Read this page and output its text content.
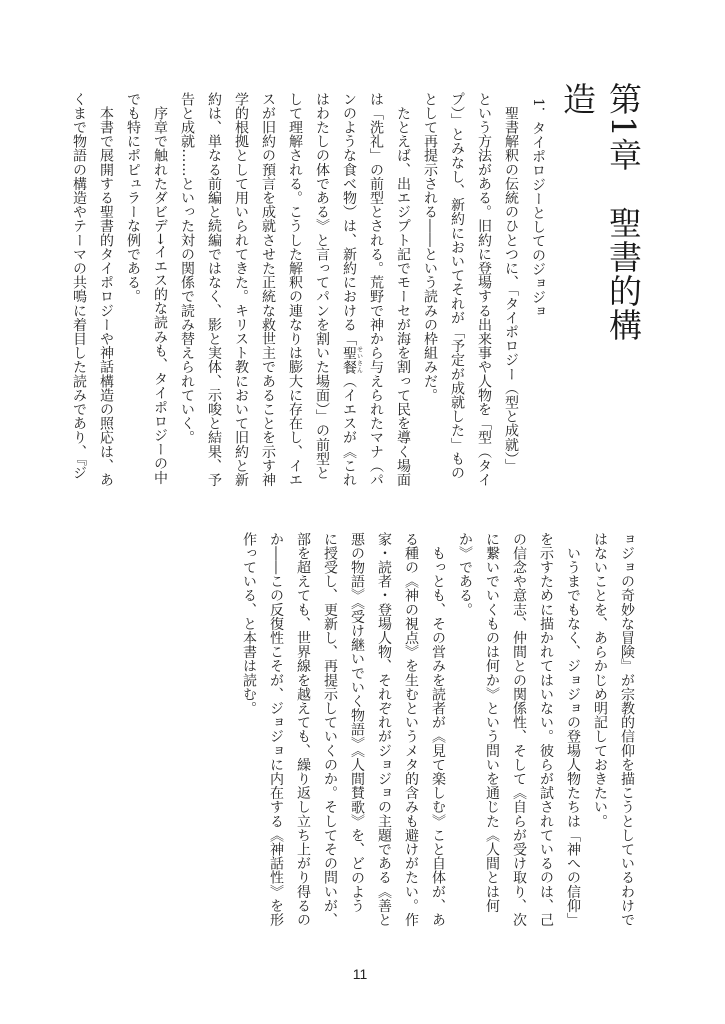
第1章　聖書的構造
1．タイポロジーとしてのジョジョ
　聖書解釈の伝統のひとつに、「タイポロジー（型と成就）」
という方法がある。旧約に登場する出来事や人物を「型（タイ
プ）」とみなし、新約においてそれが「予定が成就した」もの
として再提示される――という読みの枠組みだ。
　たとえば、出エジプト記でモーセが海を割って民を導く場面
は「洗礼」の前型とされる。荒野で神から与えられたマナ（パ
ンのような食べ物）は、新約における「聖餐せいさん（イエスが《これ
はわたしの体である》と言ってパンを割いた場面）」の前型と
して理解される。こうした解釈の連なりは膨大に存在し、イエ
スが旧約の預言を成就させた正統な救世主であることを示す神
学的根拠として用いられてきた。キリスト教において旧約と新
約は、単なる前編と続編ではなく、影と実体、示唆と結果、予
告と成就……といった対の関係で読み替えられていく。
　序章で触れたダビデ→イエス的な読みも、タイポロジーの中
でも特にポピュラーな例である。
　本書で展開する聖書的タイポロジーや神話構造の照応は、あ
くまで物語の構造やテーマの共鳴に着目した読みであり、『ジ
ョジョの奇妙な冒険』が宗教的信仰を描こうとしているわけで
はないことを、あらかじめ明記しておきたい。
　いうまでもなく、ジョジョの登場人物たちは「神への信仰」
を示すために描かれてはいない。彼らが試されているのは、己
の信念や意志、仲間との関係性、そして《自らが受け取り、次
に繋いでいくものは何か》という問いを通じた《人間とは何
か》である。
　もっとも、その営みを読者が《見て楽しむ》こと自体が、あ
る種の《神の視点》を生むというメタ的含みも避けがたい。作
家・読者・登場人物、それぞれがジョジョの主題である《善と
悪の物語》《受け継いでいく物語》《人間賛歌》を、どのよう
に授受し、更新し、再提示していくのか。そしてその問いが、
部を超えても、世界線を越えても、繰り返し立ち上がり得るの
か――この反復性こそが、ジョジョに内在する《神話性》を形
作っている、と本書は読む。
11
